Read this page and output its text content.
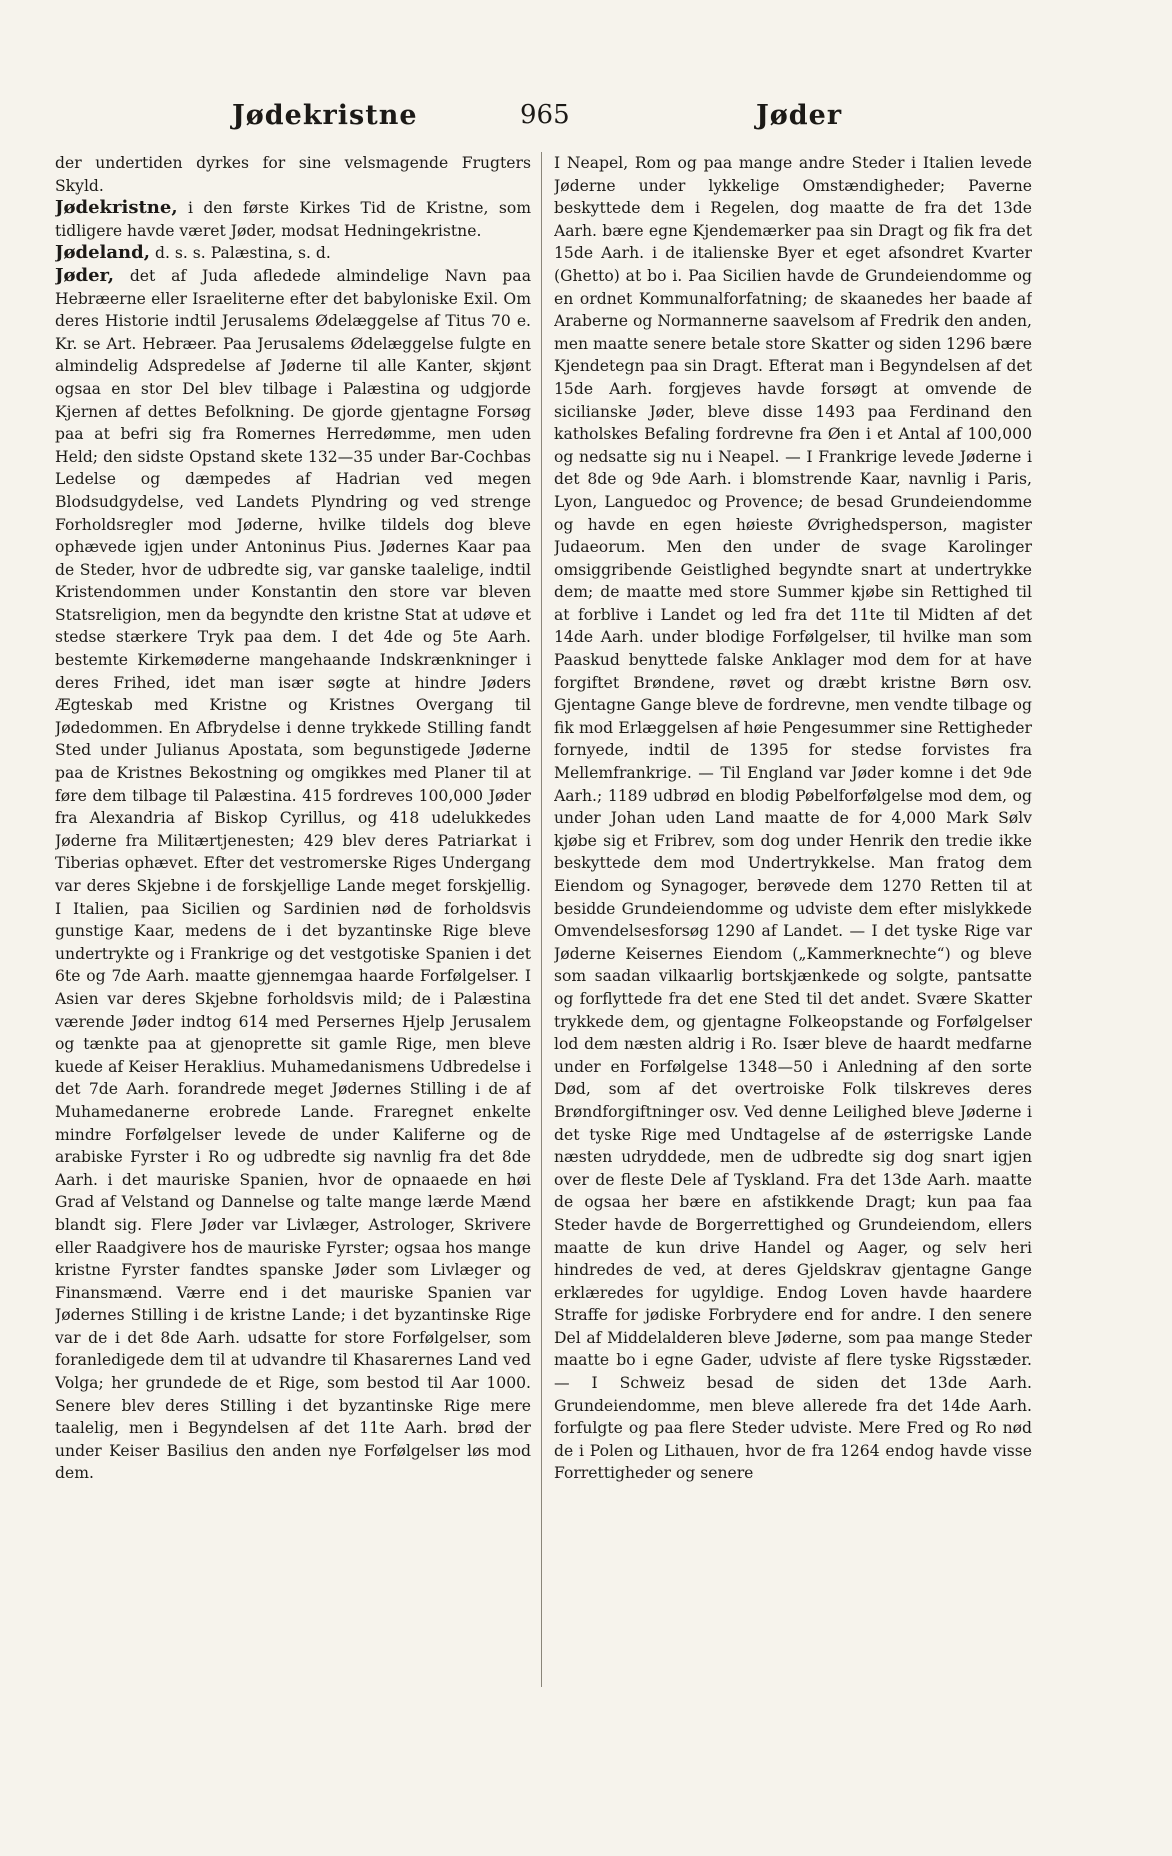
Jødekristne	965	Jøder

der undertiden dyrkes for sine velsmagende Frugters Skyld.

Jødekristne, i den første Kirkes Tid de Kristne, som tidligere havde været Jøder, modsat Hedningekristne.

Jødeland, d. s. s. Palæstina, s. d.

Jøder, det af Juda afledede almindelige Navn paa Hebræerne eller Israeliterne efter det babyloniske Exil. Om deres Historie indtil Jerusalems Ødelæggelse af Titus 70 e. Kr. se Art. Hebræer. Paa Jerusalems Ødelæggelse fulgte en almindelig Adspredelse af Jøderne til alle Kanter, skjønt ogsaa en stor Del blev tilbage i Palæstina og udgjorde Kjernen af dettes Befolkning. De gjorde gjentagne Forsøg paa at befri sig fra Romernes Herredømme, men uden Held; den sidste Opstand skete 132—35 under Bar-Cochbas Ledelse og dæmpedes af Hadrian ved megen Blodsudgydelse, ved Landets Plyndring og ved strenge Forholdsregler mod Jøderne, hvilke tildels dog bleve ophævede igjen under Antoninus Pius. Jødernes Kaar paa de Steder, hvor de udbredte sig, var ganske taalelige, indtil Kristendommen under Konstantin den store var bleven Statsreligion, men da begyndte den kristne Stat at udøve et stedse stærkere Tryk paa dem. I det 4de og 5te Aarh. bestemte Kirkemøderne mangehaande Indskrænkninger i deres Frihed, idet man især søgte at hindre Jøders Ægteskab med Kristne og Kristnes Overgang til Jødedommen. En Afbrydelse i denne trykkede Stilling fandt Sted under Julianus Apostata, som begunstigede Jøderne paa de Kristnes Bekostning og omgikkes med Planer til at føre dem tilbage til Palæstina. 415 fordreves 100,000 Jøder fra Alexandria af Biskop Cyrillus, og 418 udelukkedes Jøderne fra Militærtjenesten; 429 blev deres Patriarkat i Tiberias ophævet. Efter det vestromerske Riges Undergang var deres Skjebne i de forskjellige Lande meget forskjellig. I Italien, paa Sicilien og Sardinien nød de forholdsvis gunstige Kaar, medens de i det byzantinske Rige bleve undertrykte og i Frankrige og det vestgotiske Spanien i det 6te og 7de Aarh. maatte gjennemgaa haarde Forfølgelser. I Asien var deres Skjebne forholdsvis mild; de i Palæstina værende Jøder indtog 614 med Persernes Hjelp Jerusalem og tænkte paa at gjenoprette sit gamle Rige, men bleve kuede af Keiser Heraklius. Muhamedanismens Udbredelse i det 7de Aarh. forandrede meget Jødernes Stilling i de af Muhamedanerne erobrede Lande. Fraregnet enkelte mindre Forfølgelser levede de under Kaliferne og de arabiske Fyrster i Ro og udbredte sig navnlig fra det 8de Aarh. i det mauriske Spanien, hvor de opnaaede en høi Grad af Velstand og Dannelse og talte mange lærde Mænd blandt sig. Flere Jøder var Livlæger, Astrologer, Skrivere eller Raadgivere hos de mauriske Fyrster; ogsaa hos mange kristne Fyrster fandtes spanske Jøder som Livlæger og Finansmænd. Værre end i det mauriske Spanien var Jødernes Stilling i de kristne Lande; i det byzantinske Rige var de i det 8de Aarh. udsatte for store Forfølgelser, som foranledigede dem til at udvandre til Khasarernes Land ved Volga; her grundede de et Rige, som bestod til Aar 1000. Senere blev deres Stilling i det byzantinske Rige mere taalelig, men i Begyndelsen af det 11te Aarh. brød der under Keiser Basilius den anden nye Forfølgelser løs mod dem.

I Neapel, Rom og paa mange andre Steder i Italien levede Jøderne under lykkelige Omstændigheder; Paverne beskyttede dem i Regelen, dog maatte de fra det 13de Aarh. bære egne Kjendemærker paa sin Dragt og fik fra det 15de Aarh. i de italienske Byer et eget afsondret Kvarter (Ghetto) at bo i. Paa Sicilien havde de Grundeiendomme og en ordnet Kommunalforfatning; de skaanedes her baade af Araberne og Normannerne saavelsom af Fredrik den anden, men maatte senere betale store Skatter og siden 1296 bære Kjendetegn paa sin Dragt. Efterat man i Begyndelsen af det 15de Aarh. forgjeves havde forsøgt at omvende de sicilianske Jøder, bleve disse 1493 paa Ferdinand den katholskes Befaling fordrevne fra Øen i et Antal af 100,000 og nedsatte sig nu i Neapel. — I Frankrige levede Jøderne i det 8de og 9de Aarh. i blomstrende Kaar, navnlig i Paris, Lyon, Languedoc og Provence; de besad Grundeiendomme og havde en egen høieste Øvrighedsperson, magister Judaeorum. Men den under de svage Karolinger omsiggribende Geistlighed begyndte snart at undertrykke dem; de maatte med store Summer kjøbe sin Rettighed til at forblive i Landet og led fra det 11te til Midten af det 14de Aarh. under blodige Forfølgelser, til hvilke man som Paaskud benyttede falske Anklager mod dem for at have forgiftet Brøndene, røvet og dræbt kristne Børn osv. Gjentagne Gange bleve de fordrevne, men vendte tilbage og fik mod Erlæggelsen af høie Pengesummer sine Rettigheder fornyede, indtil de 1395 for stedse forvistes fra Mellemfrankrige. — Til England var Jøder komne i det 9de Aarh.; 1189 udbrød en blodig Pøbelforfølgelse mod dem, og under Johan uden Land maatte de for 4,000 Mark Sølv kjøbe sig et Fribrev, som dog under Henrik den tredie ikke beskyttede dem mod Undertrykkelse. Man fratog dem Eiendom og Synagoger, berøvede dem 1270 Retten til at besidde Grundeiendomme og udviste dem efter mislykkede Omvendelsesforsøg 1290 af Landet. — I det tyske Rige var Jøderne Keisernes Eiendom („Kammerknechte“) og bleve som saadan vilkaarlig bortskjænkede og solgte, pantsatte og forflyttede fra det ene Sted til det andet. Svære Skatter trykkede dem, og gjentagne Folkeopstande og Forfølgelser lod dem næsten aldrig i Ro. Især bleve de haardt medfarne under en Forfølgelse 1348—50 i Anledning af den sorte Død, som af det overtroiske Folk tilskreves deres Brøndforgiftninger osv. Ved denne Leilighed bleve Jøderne i det tyske Rige med Undtagelse af de østerrigske Lande næsten udryddede, men de udbredte sig dog snart igjen over de fleste Dele af Tyskland. Fra det 13de Aarh. maatte de ogsaa her bære en afstikkende Dragt; kun paa faa Steder havde de Borgerrettighed og Grundeiendom, ellers maatte de kun drive Handel og Aager, og selv heri hindredes de ved, at deres Gjeldskrav gjentagne Gange erklæredes for ugyldige. Endog Loven havde haardere Straffe for jødiske Forbrydere end for andre. I den senere Del af Middelalderen bleve Jøderne, som paa mange Steder maatte bo i egne Gader, udviste af flere tyske Rigsstæder. — I Schweiz besad de siden det 13de Aarh. Grundeiendomme, men bleve allerede fra det 14de Aarh. forfulgte og paa flere Steder udviste. Mere Fred og Ro nød de i Polen og Lithauen, hvor de fra 1264 endog havde visse Forrettigheder og senere
